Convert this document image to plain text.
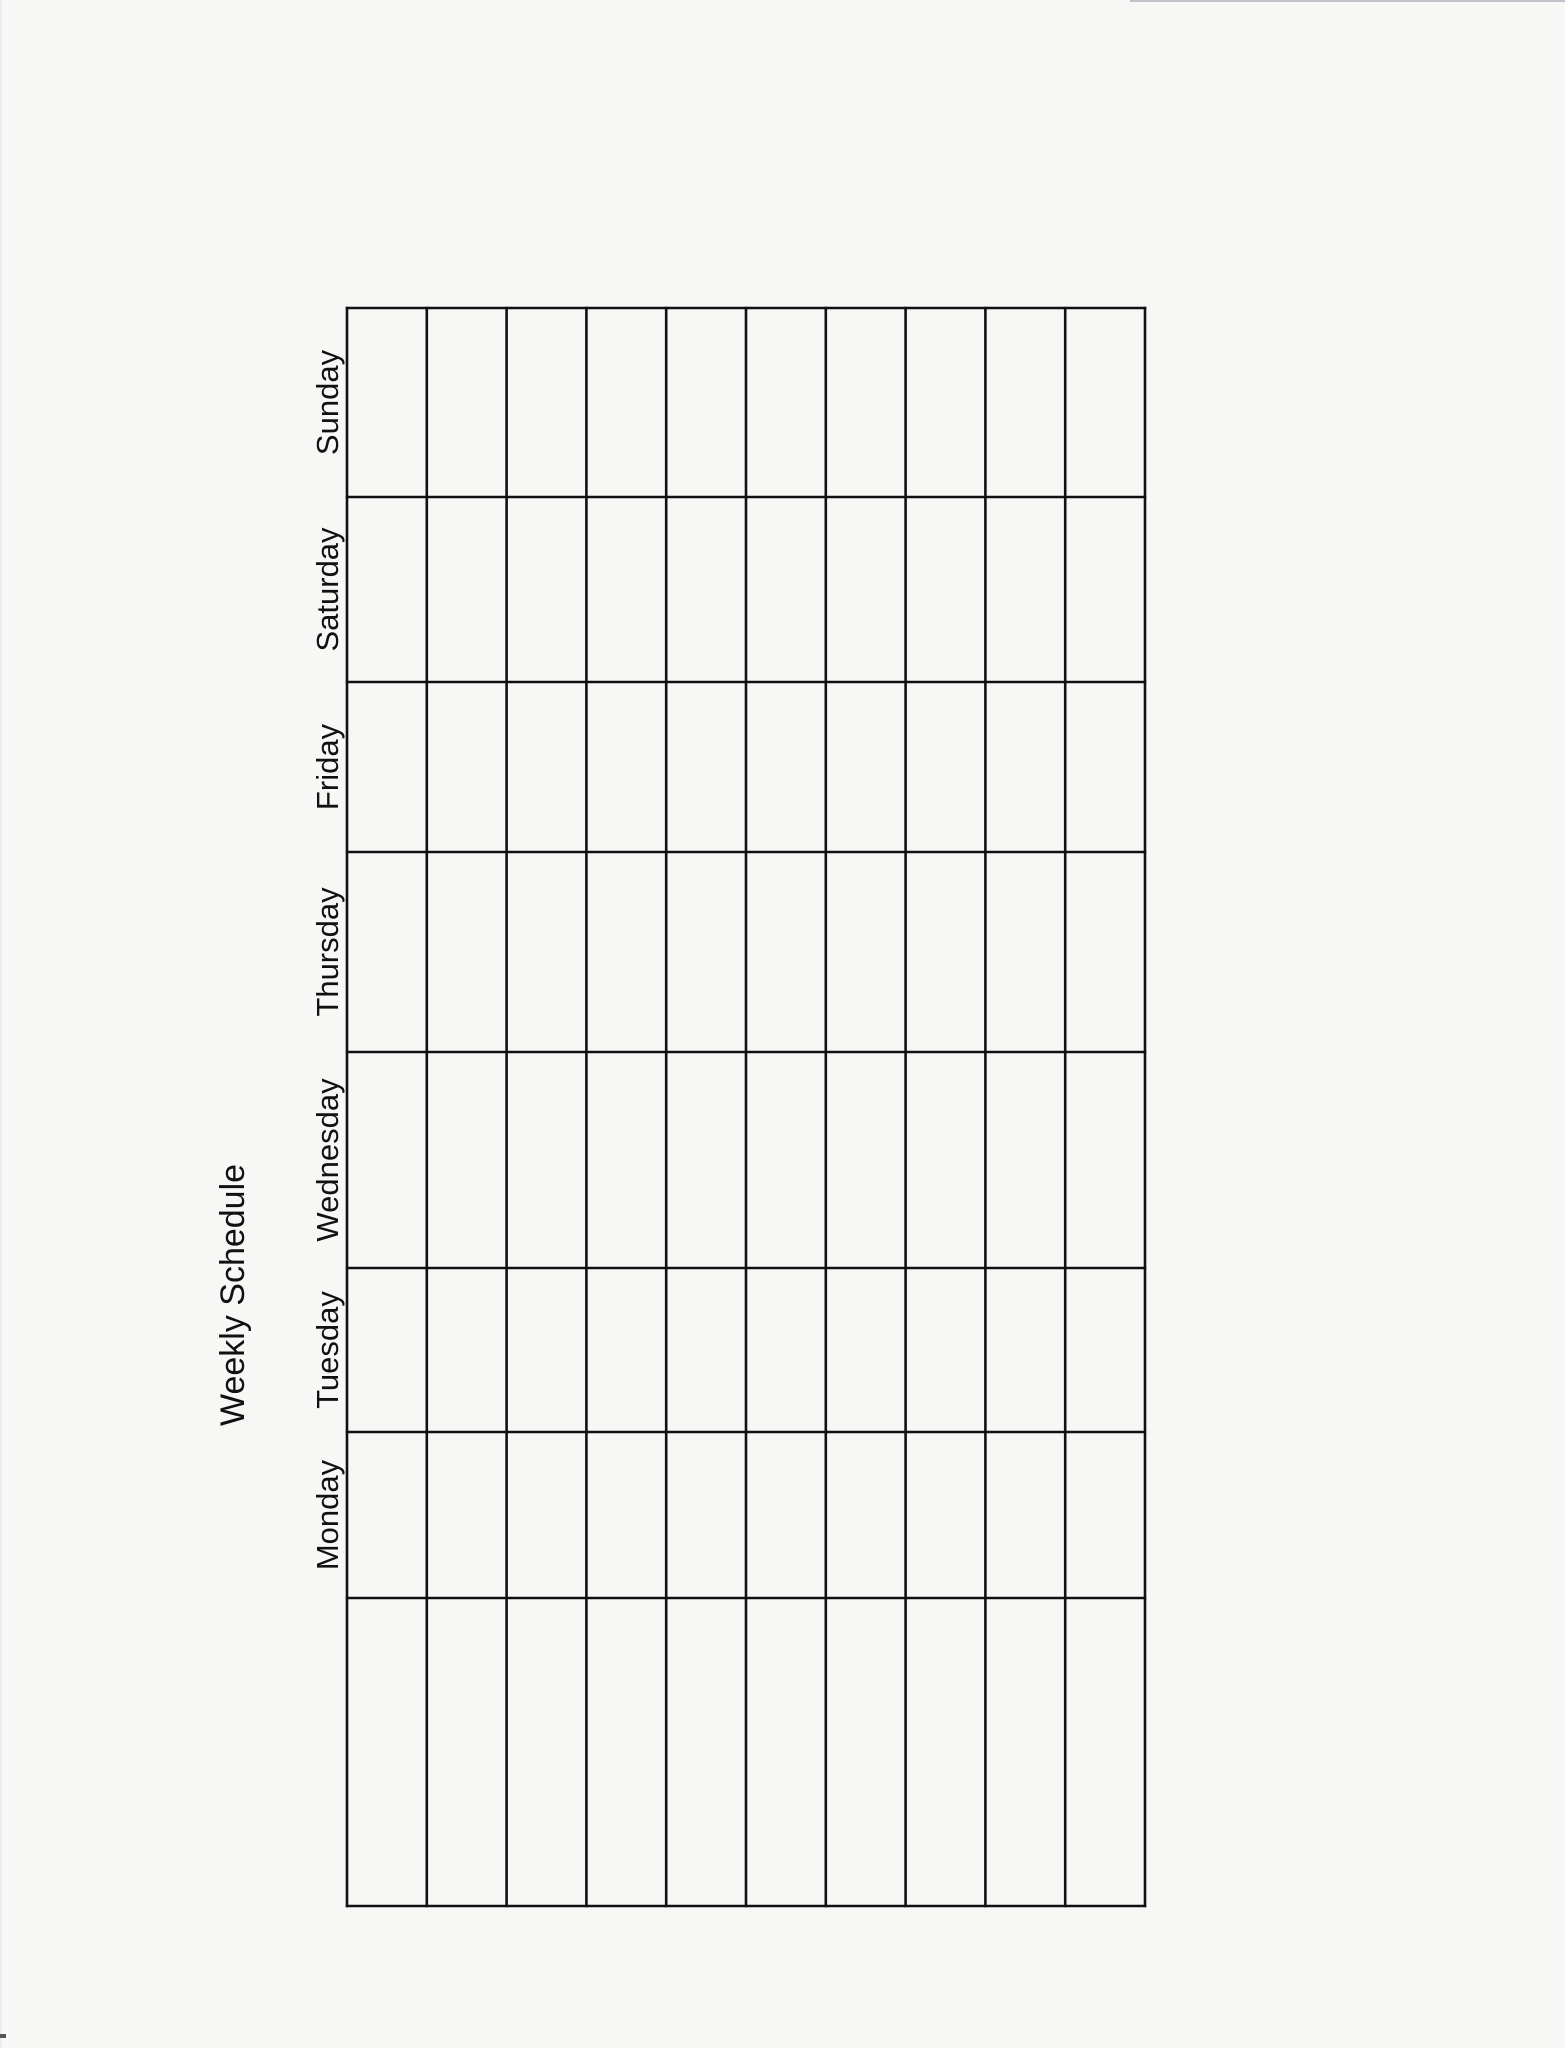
Monday
Tuesday
Wednesday
Thursday
Friday
Saturday
Sunday
Weekly Schedule
